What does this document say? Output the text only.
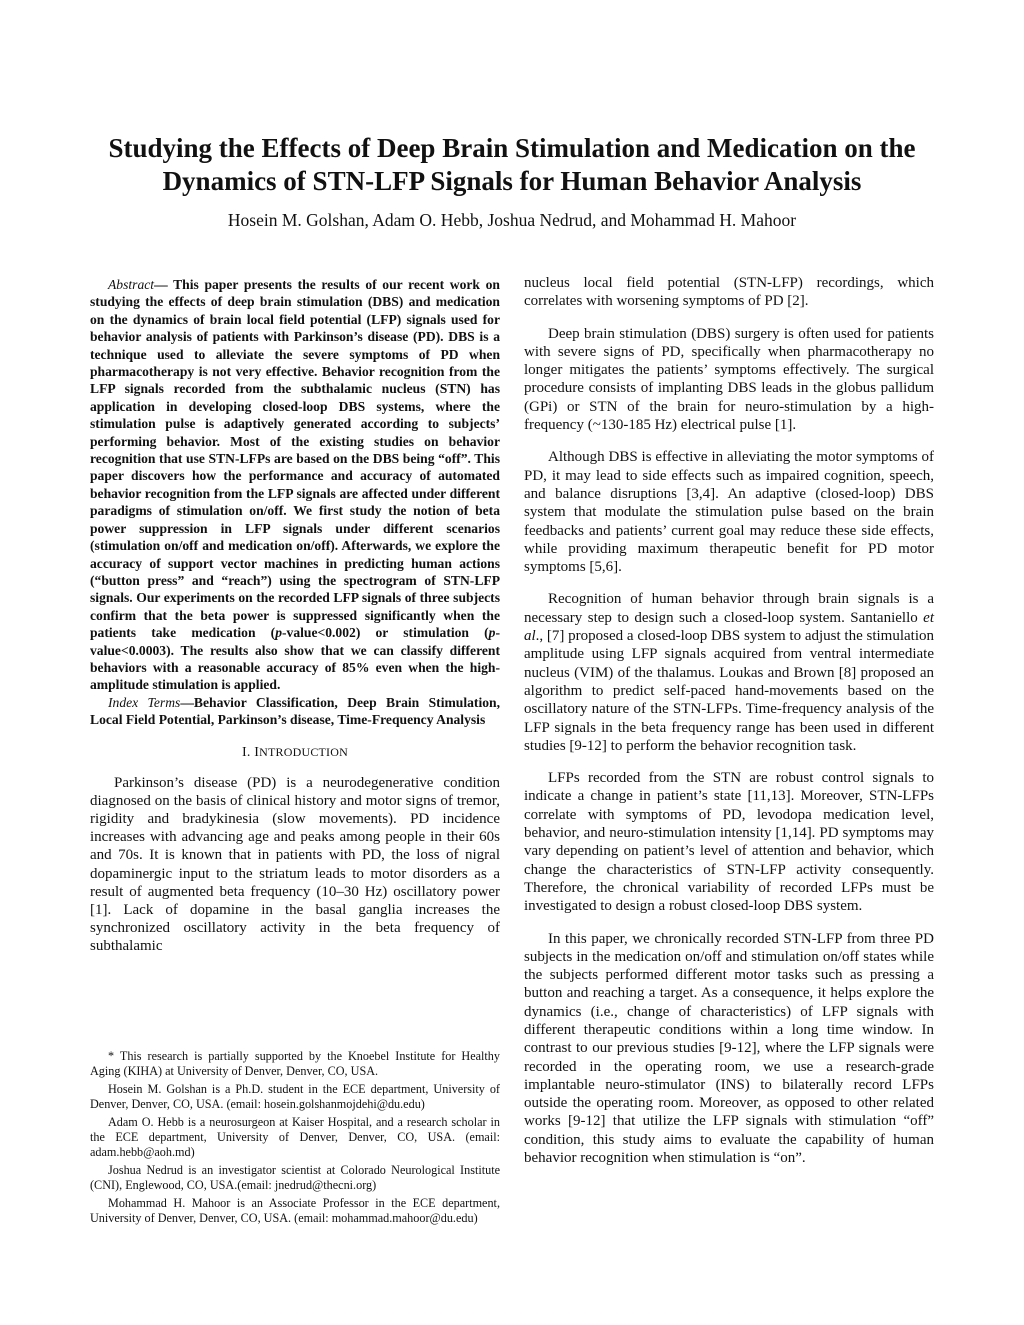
Studying the Effects of Deep Brain Stimulation and Medication on the Dynamics of STN-LFP Signals for Human Behavior Analysis
Hosein M. Golshan, Adam O. Hebb, Joshua Nedrud, and Mohammad H. Mahoor

Abstract— This paper presents the results of our recent work on studying the effects of deep brain stimulation (DBS) and medication on the dynamics of brain local field potential (LFP) signals used for behavior analysis of patients with Parkinson’s disease (PD). DBS is a technique used to alleviate the severe symptoms of PD when pharmacotherapy is not very effective. Behavior recognition from the LFP signals recorded from the subthalamic nucleus (STN) has application in developing closed-loop DBS systems, where the stimulation pulse is adaptively generated according to subjects’ performing behavior. Most of the existing studies on behavior recognition that use STN-LFPs are based on the DBS being “off”. This paper discovers how the performance and accuracy of automated behavior recognition from the LFP signals are affected under different paradigms of stimulation on/off. We first study the notion of beta power suppression in LFP signals under different scenarios (stimulation on/off and medication on/off). Afterwards, we explore the accuracy of support vector machines in predicting human actions (“button press” and “reach”) using the spectrogram of STN-LFP signals. Our experiments on the recorded LFP signals of three subjects confirm that the beta power is suppressed significantly when the patients take medication (p-value<0.002) or stimulation (p-value<0.0003). The results also show that we can classify different behaviors with a reasonable accuracy of 85% even when the high-amplitude stimulation is applied.

Index Terms—Behavior Classification, Deep Brain Stimulation, Local Field Potential, Parkinson’s disease, Time-Frequency Analysis

I. INTRODUCTION

Parkinson’s disease (PD) is a neurodegenerative condition diagnosed on the basis of clinical history and motor signs of tremor, rigidity and bradykinesia (slow movements). PD incidence increases with advancing age and peaks among people in their 60s and 70s. It is known that in patients with PD, the loss of nigral dopaminergic input to the striatum leads to motor disorders as a result of augmented beta frequency (10–30 Hz) oscillatory power [1]. Lack of dopamine in the basal ganglia increases the synchronized oscillatory activity in the beta frequency of subthalamic

* This research is partially supported by the Knoebel Institute for Healthy Aging (KIHA) at University of Denver, Denver, CO, USA.

Hosein M. Golshan is a Ph.D. student in the ECE department, University of Denver, Denver, CO, USA. (email: hosein.golshanmojdehi@du.edu)

Adam O. Hebb is a neurosurgeon at Kaiser Hospital, and a research scholar in the ECE department, University of Denver, Denver, CO, USA. (email: adam.hebb@aoh.md)

Joshua Nedrud is an investigator scientist at Colorado Neurological Institute (CNI), Englewood, CO, USA.(email: jnedrud@thecni.org)

Mohammad H. Mahoor is an Associate Professor in the ECE department, University of Denver, Denver, CO, USA. (email: mohammad.mahoor@du.edu)

nucleus local field potential (STN-LFP) recordings, which correlates with worsening symptoms of PD [2].

Deep brain stimulation (DBS) surgery is often used for patients with severe signs of PD, specifically when pharmacotherapy no longer mitigates the patients’ symptoms effectively. The surgical procedure consists of implanting DBS leads in the globus pallidum (GPi) or STN of the brain for neuro-stimulation by a high-frequency (~130-185 Hz) electrical pulse [1].

Although DBS is effective in alleviating the motor symptoms of PD, it may lead to side effects such as impaired cognition, speech, and balance disruptions [3,4]. An adaptive (closed-loop) DBS system that modulate the stimulation pulse based on the brain feedbacks and patients’ current goal may reduce these side effects, while providing maximum therapeutic benefit for PD motor symptoms [5,6].

Recognition of human behavior through brain signals is a necessary step to design such a closed-loop system. Santaniello et al., [7] proposed a closed-loop DBS system to adjust the stimulation amplitude using LFP signals acquired from ventral intermediate nucleus (VIM) of the thalamus. Loukas and Brown [8] proposed an algorithm to predict self-paced hand-movements based on the oscillatory nature of the STN-LFPs. Time-frequency analysis of the LFP signals in the beta frequency range has been used in different studies [9-12] to perform the behavior recognition task.

LFPs recorded from the STN are robust control signals to indicate a change in patient’s state [11,13]. Moreover, STN-LFPs correlate with symptoms of PD, levodopa medication level, behavior, and neuro-stimulation intensity [1,14]. PD symptoms may vary depending on patient’s level of attention and behavior, which change the characteristics of STN-LFP activity consequently. Therefore, the chronical variability of recorded LFPs must be investigated to design a robust closed-loop DBS system.

In this paper, we chronically recorded STN-LFP from three PD subjects in the medication on/off and stimulation on/off states while the subjects performed different motor tasks such as pressing a button and reaching a target. As a consequence, it helps explore the dynamics (i.e., change of characteristics) of LFP signals with different therapeutic conditions within a long time window. In contrast to our previous studies [9-12], where the LFP signals were recorded in the operating room, we use a research-grade implantable neuro-stimulator (INS) to bilaterally record LFPs outside the operating room. Moreover, as opposed to other related works [9-12] that utilize the LFP signals with stimulation “off” condition, this study aims to evaluate the capability of human behavior recognition when stimulation is “on”.
